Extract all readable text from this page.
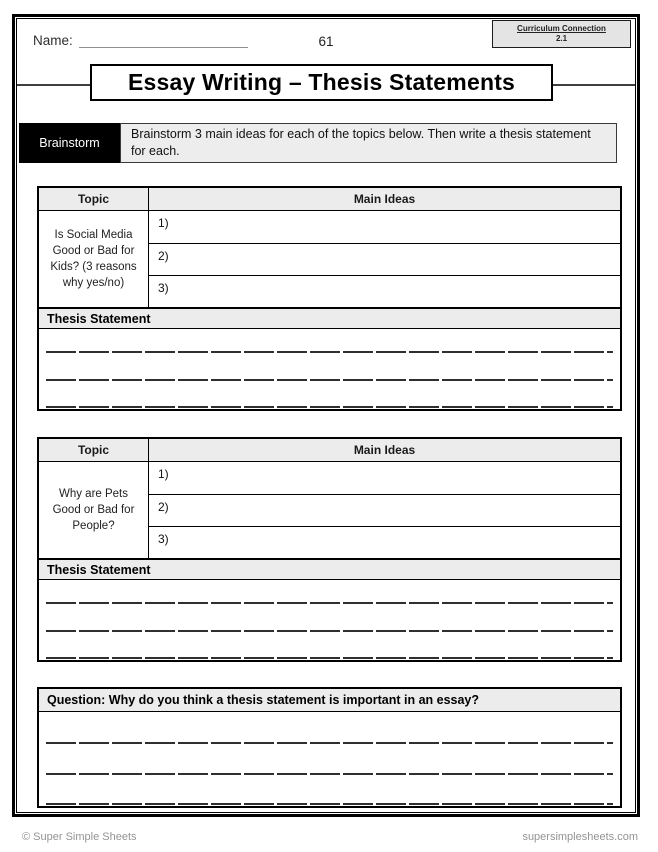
Name:	61
Curriculum Connection
2.1
Essay Writing – Thesis Statements
Brainstorm
Brainstorm 3 main ideas for each of the topics below. Then write a thesis statement for each.
Topic	Main Ideas
Is Social Media Good or Bad for Kids? (3 reasons why yes/no)
1)
2)
3)
Thesis Statement
Topic	Main Ideas
Why are Pets Good or Bad for People?
1)
2)
3)
Thesis Statement
Question: Why do you think a thesis statement is important in an essay?
© Super Simple Sheets	supersimplesheets.com
